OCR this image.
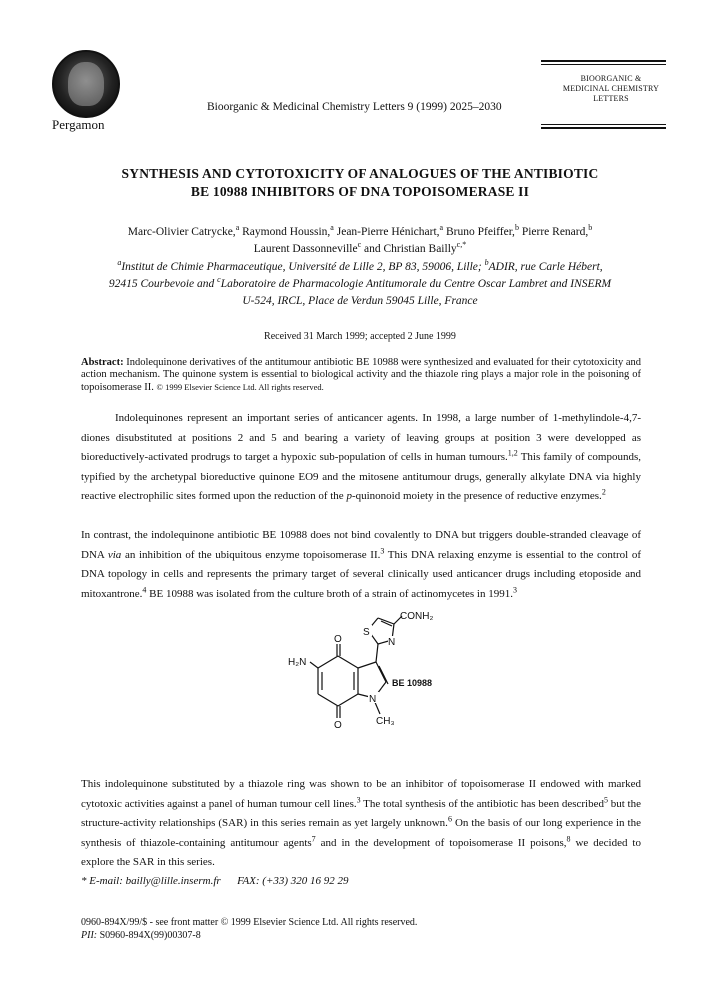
Pergamon
Bioorganic & Medicinal Chemistry Letters 9 (1999) 2025–2030
BIOORGANIC &
MEDICINAL CHEMISTRY
LETTERS
SYNTHESIS AND CYTOTOXICITY OF ANALOGUES OF THE ANTIBIOTIC
BE 10988 INHIBITORS OF DNA TOPOISOMERASE II
Marc-Olivier Catrycke,$^a$ Raymond Houssin,$^a$ Jean-Pierre Hénichart,$^a$ Bruno Pfeiffer,$^b$ Pierre Renard,$^b$
Laurent Dassonneville$^c$ and Christian Bailly$^{c,*}$
$^a$Institut de Chimie Pharmaceutique, Université de Lille 2, BP 83, 59006, Lille; $^b$ADIR, rue Carle Hébert,
92415 Courbevoie and $^c$Laboratoire de Pharmacologie Antitumorale du Centre Oscar Lambret and INSERM
U-524, IRCL, Place de Verdun 59045 Lille, France
Received 31 March 1999; accepted 2 June 1999
Abstract: Indolequinone derivatives of the antitumour antibiotic BE 10988 were synthesized and evaluated for their cytotoxicity and action mechanism. The quinone system is essential to biological activity and the thiazole ring plays a major role in the poisoning of topoisomerase II. © 1999 Elsevier Science Ltd. All rights reserved.
Indolequinones represent an important series of anticancer agents. In 1998, a large number of 1-methylindole-4,7-diones disubstituted at positions 2 and 5 and bearing a variety of leaving groups at position 3 were developped as bioreductively-activated prodrugs to target a hypoxic sub-population of cells in human tumours.$^{1,2}$ This family of compounds, typified by the archetypal bioreductive quinone EO9 and the mitosene antitumour drugs, generally alkylate DNA via highly reactive electrophilic sites formed upon the reduction of the p-quinonoid moiety in the presence of reductive enzymes.$^2$
In contrast, the indolequinone antibiotic BE 10988 does not bind covalently to DNA but triggers double-stranded cleavage of DNA via an inhibition of the ubiquitous enzyme topoisomerase II.$^3$ This DNA relaxing enzyme is essential to the control of DNA topology in cells and represents the primary target of several clinically used anticancer drugs including etoposide and mitoxantrone.$^4$ BE 10988 was isolated from the culture broth of a strain of actinomycetes in 1991.$^3$
CONH₂
S
N
H₂N
O
O
N
CH₃
BE 10988
This indolequinone substituted by a thiazole ring was shown to be an inhibitor of topoisomerase II endowed with marked cytotoxic activities against a panel of human tumour cell lines.$^3$ The total synthesis of the antibiotic has been described$^5$ but the structure-activity relationships (SAR) in this series remain as yet largely unknown.$^6$ On the basis of our long experience in the synthesis of thiazole-containing antitumour agents$^7$ and in the development of topoisomerase II poisons,$^8$ we decided to explore the SAR in this series.
* E-mail: bailly@lille.inserm.fr      FAX: (+33) 320 16 92 29
0960-894X/99/$ - see front matter © 1999 Elsevier Science Ltd. All rights reserved.
PII: S0960-894X(99)00307-8
